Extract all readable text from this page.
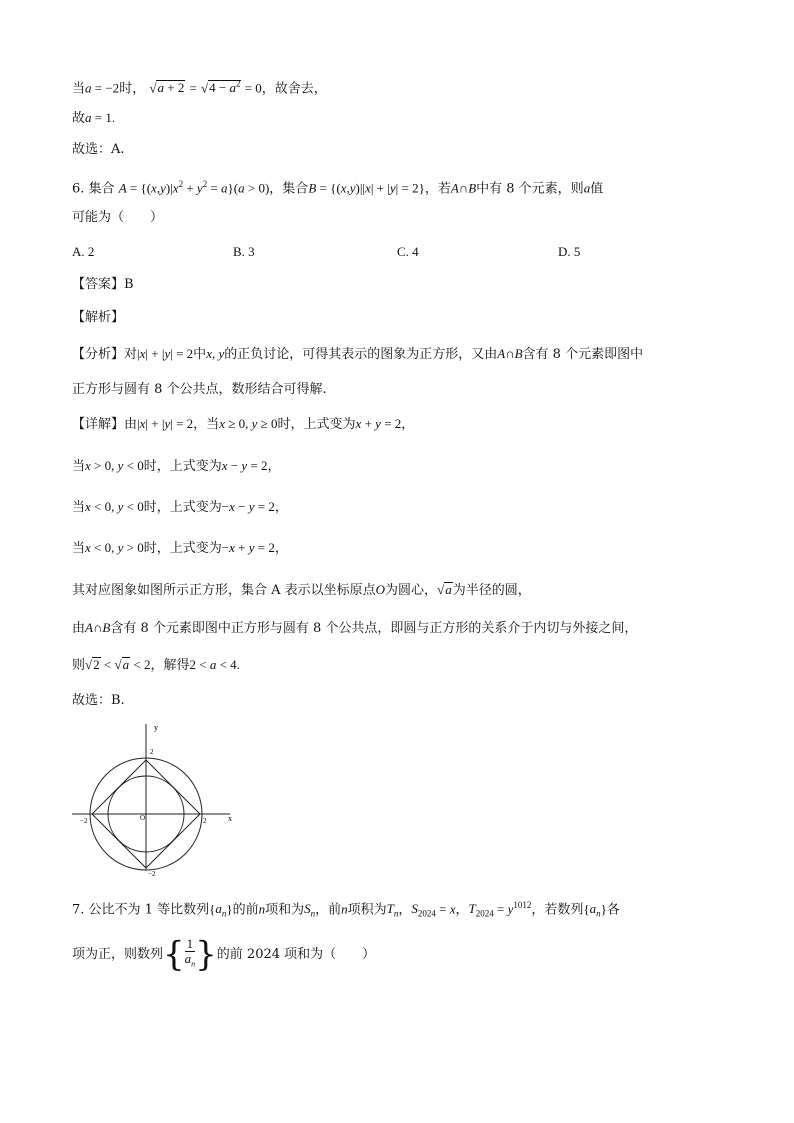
当a = −2时， $√a + 2 = √4 - a^2 = 0$，故舍去，
故a = 1.
故选：A.
6. 集合 $A = \{(x,y)|x^2 + y^2 = a\}(a > 0)$，集合B = {(x,y)||x| + |y| = 2}，若A∩B中有 8 个元素，则a值
可能为（　　）
A. 2	B. 3	C. 4	D. 5
【答案】B
【解析】
【分析】对|x| + |y| = 2中x, y的正负讨论，可得其表示的图象为正方形，又由A∩B含有 8 个元素即图中
正方形与圆有 8 个公共点，数形结合可得解.
【详解】由|x| + |y| = 2，当x ≥ 0, y ≥ 0时，上式变为x + y = 2，
当x > 0, y < 0时，上式变为x − y = 2，
当x < 0, y < 0时，上式变为−x − y = 2，
当x < 0, y > 0时，上式变为−x + y = 2，
其对应图象如图所示正方形，集合 A 表示以坐标原点O为圆心，√a为半径的圆，
由A∩B含有 8 个元素即图中正方形与圆有 8 个公共点，即圆与正方形的关系介于内切与外接之间，
则√2 < √a < 2，解得2 < a < 4.
故选：B.
y
x
O
2
2
−2
−2
7. 公比不为 1 等比数列$\{a_n\}$的前n项和为$S_n$，前n项积为$T_n$，$S_{2024} = x$，$T_{2024} = y^{1012}$，若数列$\{a_n\}$各
项为正，则数列{ $\frac{1}{a_n}$ }的前 2024 项和为（　　）
